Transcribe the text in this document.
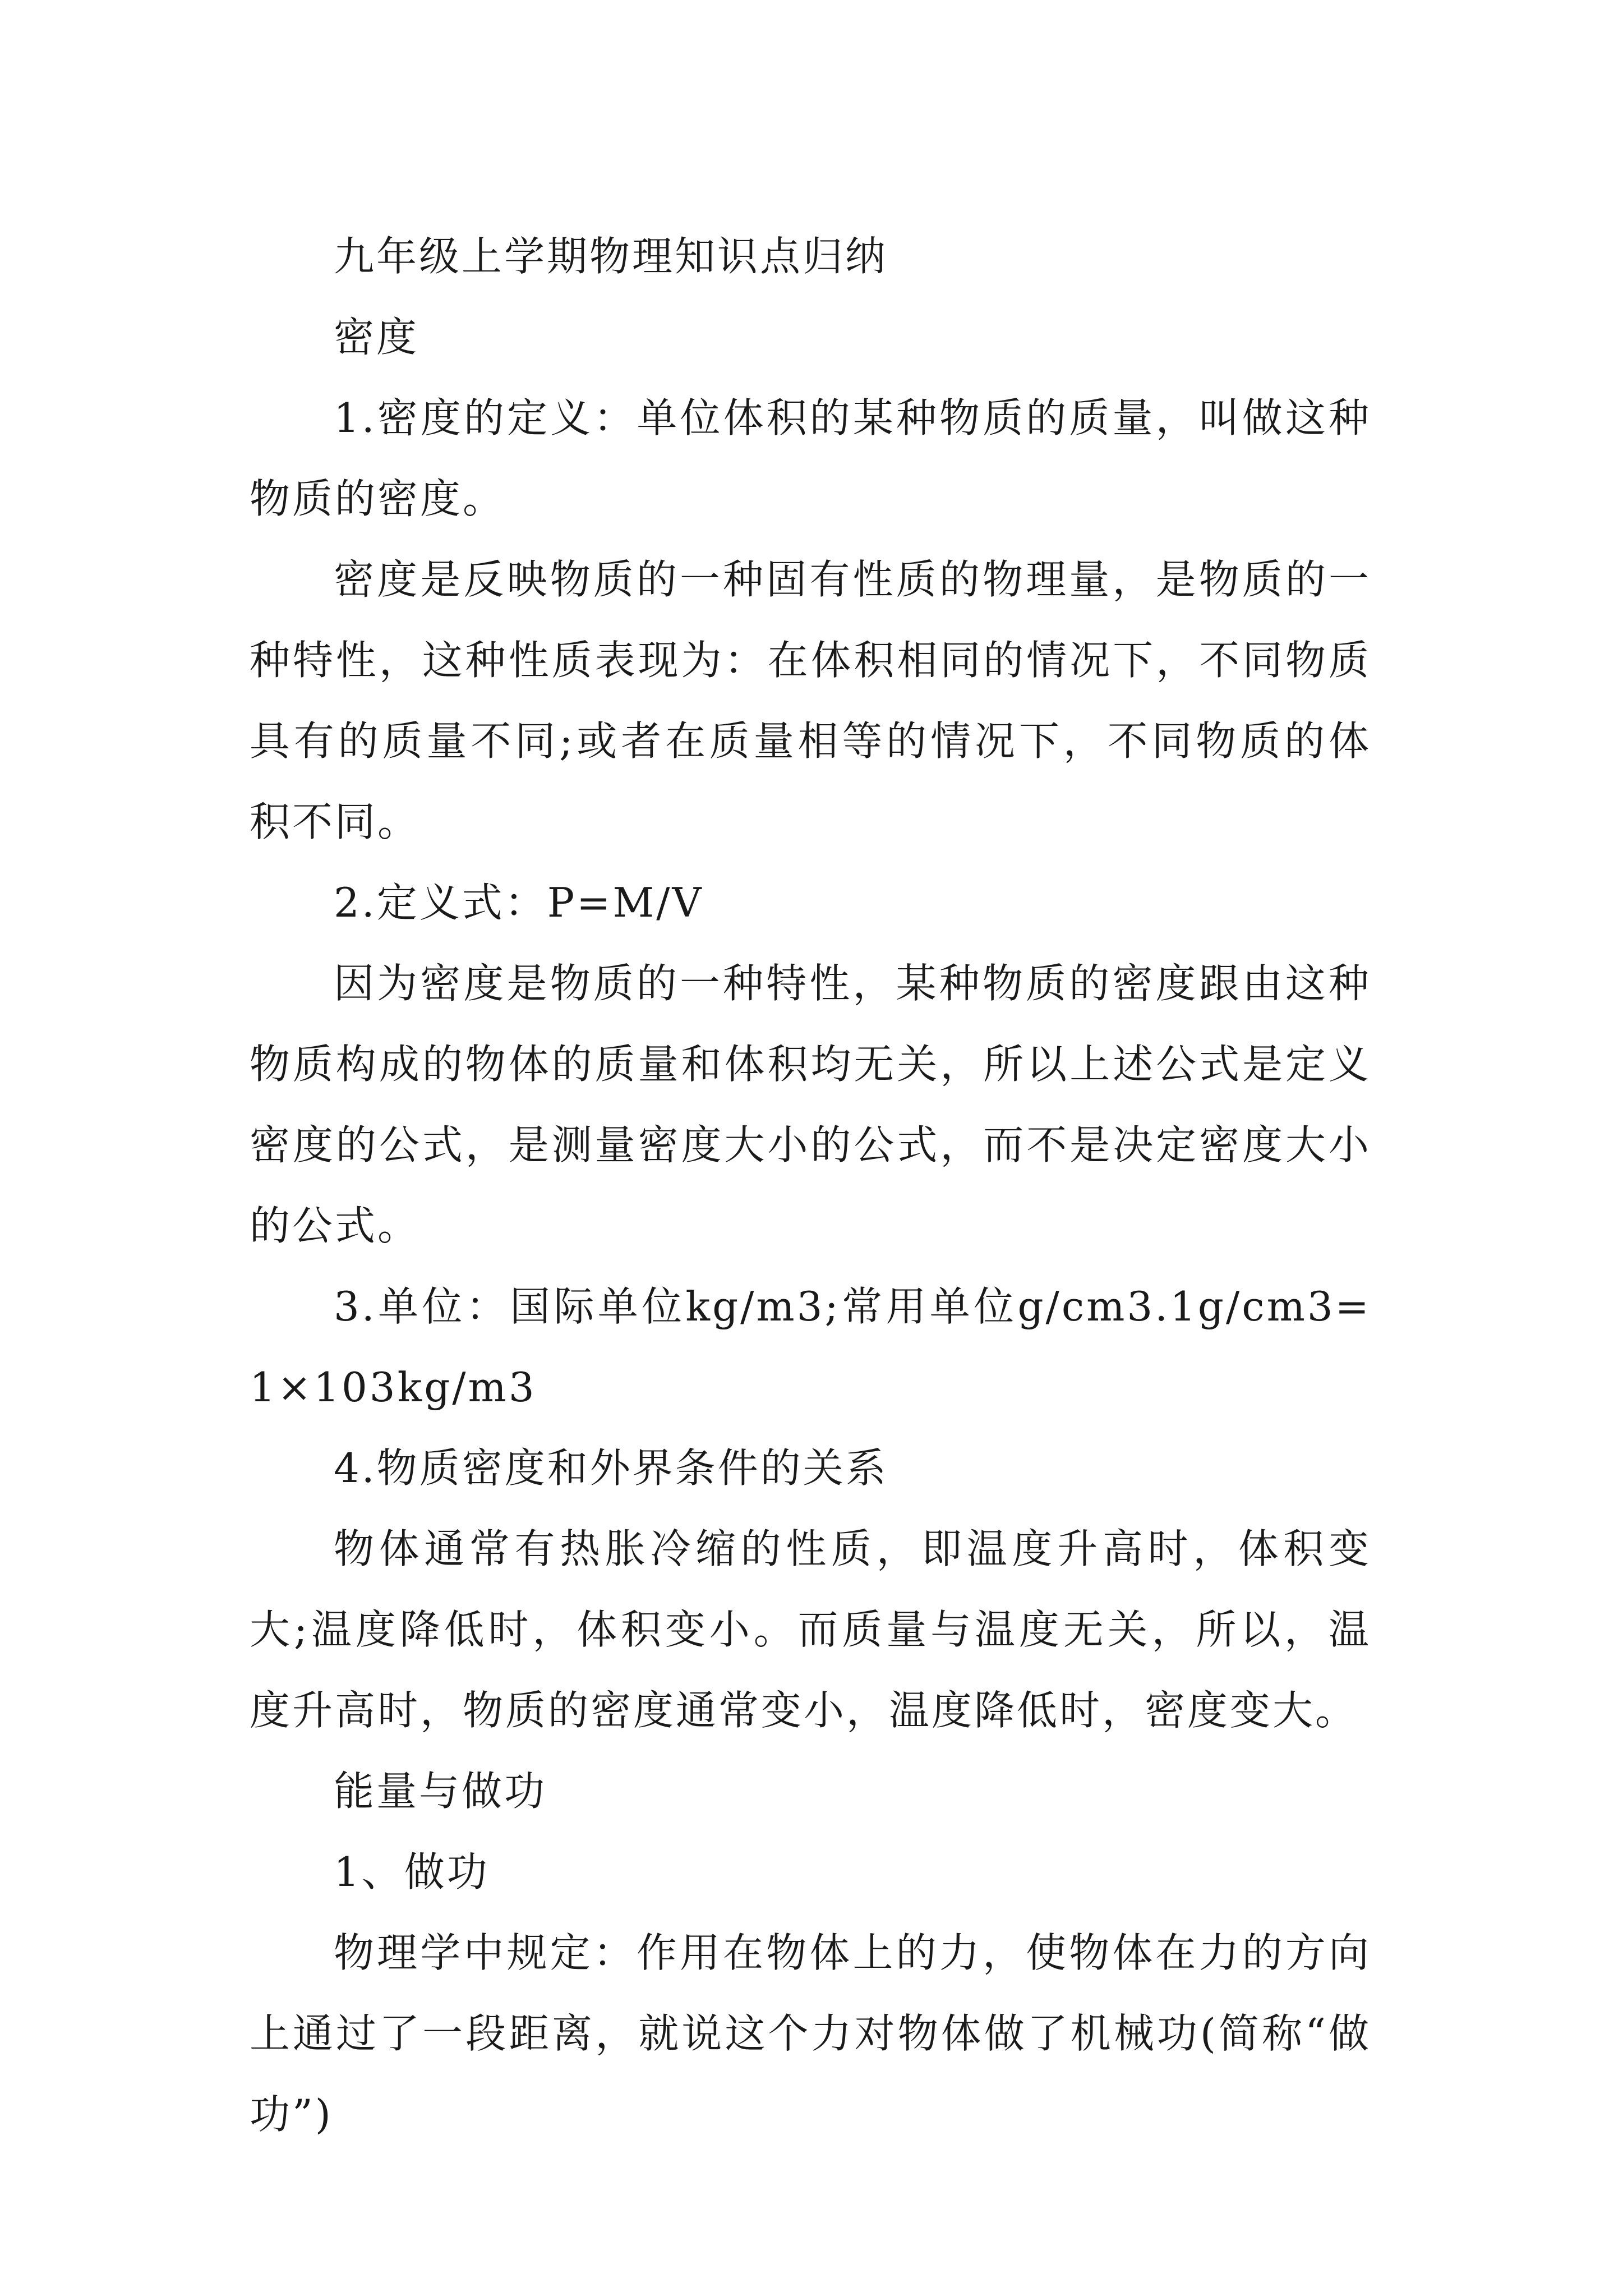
九年级上学期物理知识点归纳

密度

1.密度的定义：单位体积的某种物质的质量，叫做这种物质的密度。

密度是反映物质的一种固有性质的物理量，是物质的一种特性，这种性质表现为：在体积相同的情况下，不同物质具有的质量不同;或者在质量相等的情况下，不同物质的体积不同。

2.定义式：P=M/V

因为密度是物质的一种特性，某种物质的密度跟由这种物质构成的物体的质量和体积均无关，所以上述公式是定义密度的公式，是测量密度大小的公式，而不是决定密度大小的公式。

3.单位：国际单位kg/m3;常用单位g/cm3.1g/cm3=1×103kg/m3

4.物质密度和外界条件的关系

物体通常有热胀冷缩的性质，即温度升高时，体积变大;温度降低时，体积变小。而质量与温度无关，所以，温度升高时，物质的密度通常变小，温度降低时，密度变大。

能量与做功

1、做功

物理学中规定：作用在物体上的力，使物体在力的方向上通过了一段距离，就说这个力对物体做了机械功(简称“做功”)
